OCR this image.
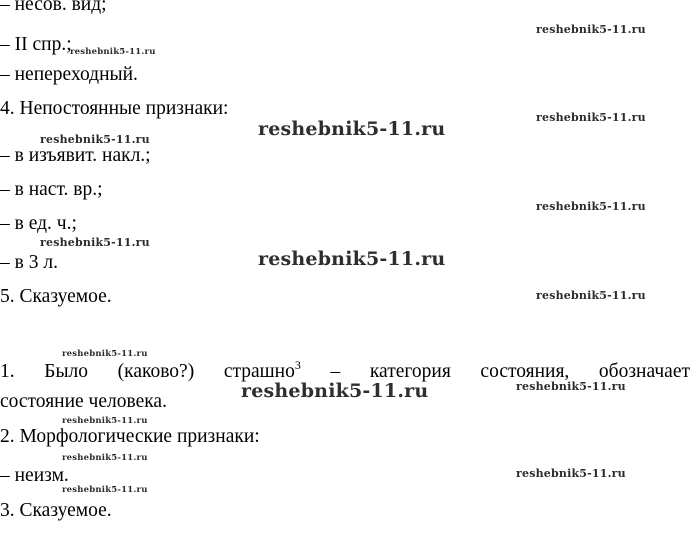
– несов. вид;
– II спр.;
– непереходный.
4. Непостоянные признаки:
– в изъявит. накл.;
– в наст. вр.;
– в ед. ч.;
– в 3 л.
5. Сказуемое.
1. Было (каково?) страшно$^3$ – категория состояния, обозначает
состояние человека.
2. Морфологические признаки:
– неизм.
3. Сказуемое.
reshebnik5-11.ru
reshebnik5-11.ru
reshebnik5-11.ru
reshebnik5-11.ru
reshebnik5-11.ru
reshebnik5-11.ru
reshebnik5-11.ru
reshebnik5-11.ru
reshebnik5-11.ru
reshebnik5-11.ru
reshebnik5-11.ru
reshebnik5-11.ru
reshebnik5-11.ru
reshebnik5-11.ru
reshebnik5-11.ru
reshebnik5-11.ru
